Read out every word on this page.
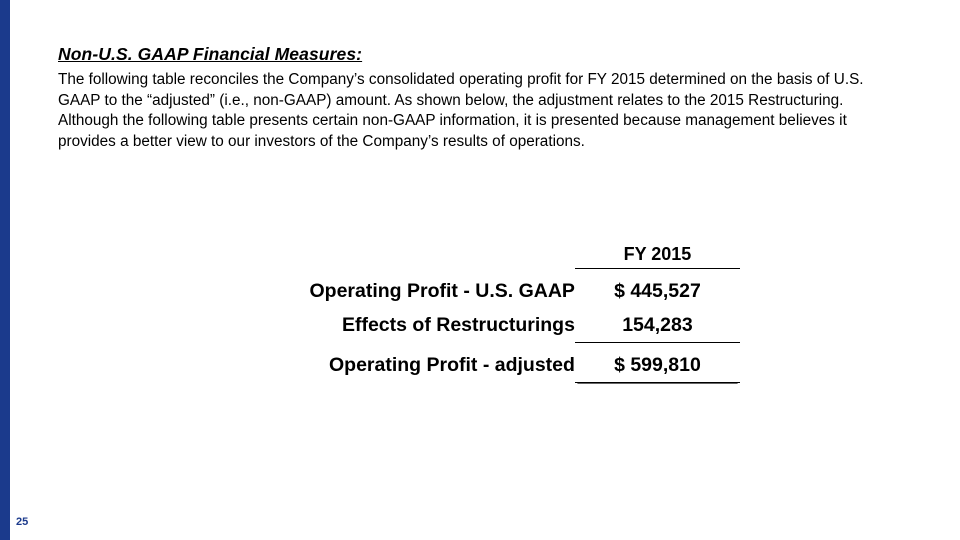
Non-U.S. GAAP Financial Measures:
The following table reconciles the Company’s consolidated operating profit for FY 2015 determined on the basis of U.S. GAAP to the “adjusted” (i.e., non-GAAP) amount. As shown below, the adjustment relates to the 2015 Restructuring. Although the following table presents certain non-GAAP information, it is presented because management believes it provides a better view to our investors of the Company’s results of operations.
	FY 2015

Operating Profit - U.S. GAAP	$ 445,527
Effects of Restructurings	154,283

Operating Profit - adjusted	$ 599,810
25
